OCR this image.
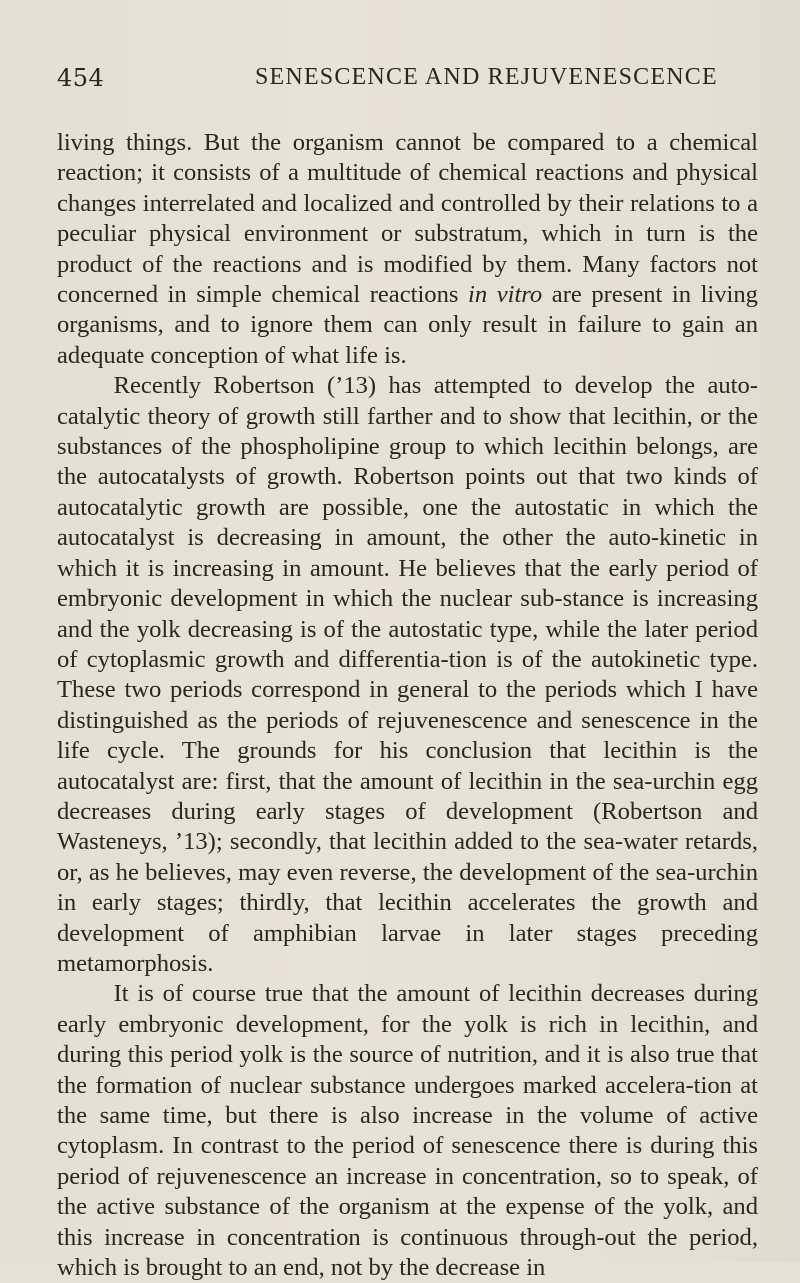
454	SENESCENCE AND REJUVENESCENCE

living things. But the organism cannot be compared to a chemical reaction; it consists of a multitude of chemical reactions and physical changes interrelated and localized and controlled by their relations to a peculiar physical environment or substratum, which in turn is the product of the reactions and is modified by them. Many factors not concerned in simple chemical reactions in vitro are present in living organisms, and to ignore them can only result in failure to gain an adequate conception of what life is.

Recently Robertson (’13) has attempted to develop the auto-catalytic theory of growth still farther and to show that lecithin, or the substances of the phospholipine group to which lecithin belongs, are the autocatalysts of growth. Robertson points out that two kinds of autocatalytic growth are possible, one the autostatic in which the autocatalyst is decreasing in amount, the other the auto-kinetic in which it is increasing in amount. He believes that the early period of embryonic development in which the nuclear sub-stance is increasing and the yolk decreasing is of the autostatic type, while the later period of cytoplasmic growth and differentia-tion is of the autokinetic type. These two periods correspond in general to the periods which I have distinguished as the periods of rejuvenescence and senescence in the life cycle. The grounds for his conclusion that lecithin is the autocatalyst are: first, that the amount of lecithin in the sea-urchin egg decreases during early stages of development (Robertson and Wasteneys, ’13); secondly, that lecithin added to the sea-water retards, or, as he believes, may even reverse, the development of the sea-urchin in early stages; thirdly, that lecithin accelerates the growth and development of amphibian larvae in later stages preceding metamorphosis.

It is of course true that the amount of lecithin decreases during early embryonic development, for the yolk is rich in lecithin, and during this period yolk is the source of nutrition, and it is also true that the formation of nuclear substance undergoes marked accelera-tion at the same time, but there is also increase in the volume of active cytoplasm. In contrast to the period of senescence there is during this period of rejuvenescence an increase in concentration, so to speak, of the active substance of the organism at the expense of the yolk, and this increase in concentration is continuous through-out the period, which is brought to an end, not by the decrease in
